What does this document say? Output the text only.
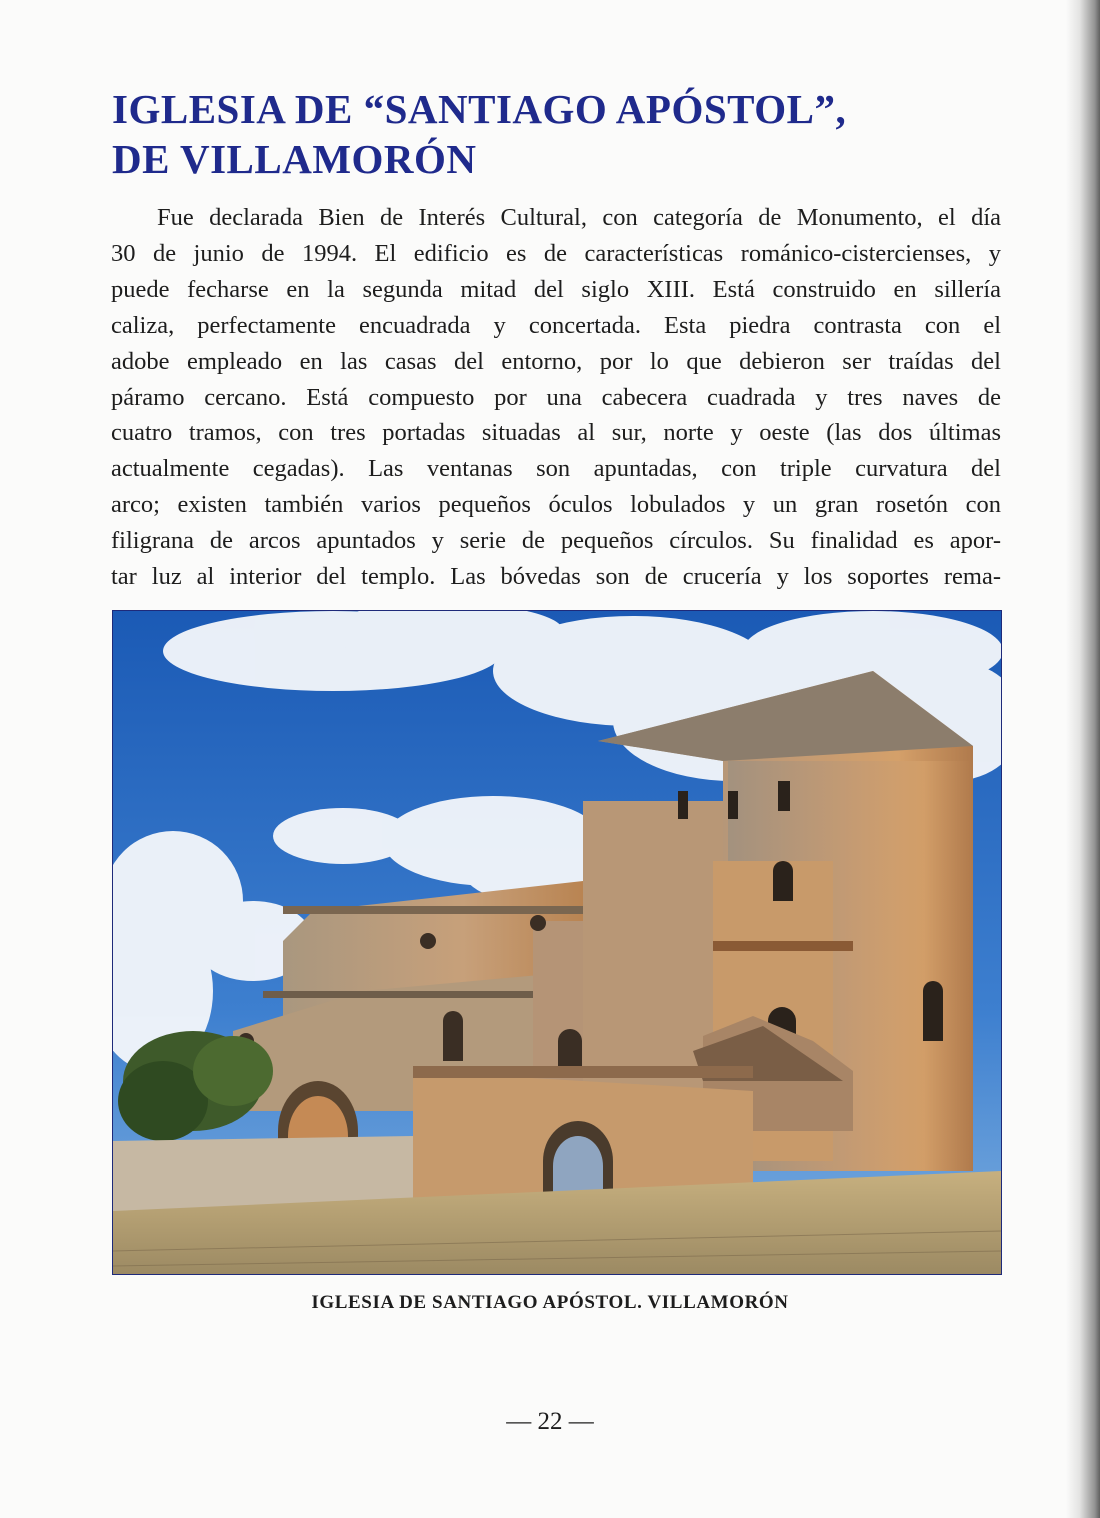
IGLESIA DE “SANTIAGO APÓSTOL”,
DE VILLAMORÓN
Fue declarada Bien de Interés Cultural, con categoría de Monumento, el día
30 de junio de 1994. El edificio es de características románico-cistercienses, y
puede fecharse en la segunda mitad del siglo XIII. Está construido en sillería
caliza, perfectamente encuadrada y concertada. Esta piedra contrasta con el
adobe empleado en las casas del entorno, por lo que debieron ser traídas del
páramo cercano. Está compuesto por una cabecera cuadrada y tres naves de
cuatro tramos, con tres portadas situadas al sur, norte y oeste (las dos últimas
actualmente cegadas). Las ventanas son apuntadas, con triple curvatura del
arco; existen también varios pequeños óculos lobulados y un gran rosetón con
filigrana de arcos apuntados y serie de pequeños círculos. Su finalidad es apor-
tar luz al interior del templo. Las bóvedas son de crucería y los soportes rema-
IGLESIA DE SANTIAGO APÓSTOL. VILLAMORÓN
— 22 —
